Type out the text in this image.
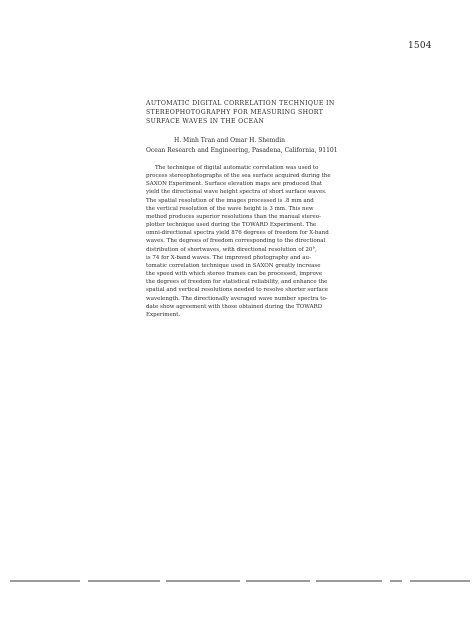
1504
AUTOMATIC DIGITAL CORRELATION TECHNIQUE IN
STEREOPHOTOGRAPHY FOR MEASURING SHORT
SURFACE WAVES IN THE OCEAN
H. Minh Tran and Omar H. Shemdin
Ocean Research and Engineering, Pasadena, California, 91101
The technique of digital automatic correlation was used to
process stereophotographs of the sea surface acquired during the
SAXON Experiment. Surface elevation maps are produced that
yield the directional wave height spectra of short surface waves.
The spatial resolution of the images processed is .8 mm and
the vertical resolution of the wave height is 3 mm. This new
method produces superior resolutions than the manual stereo-
plotter technique used during the TOWARD Experiment. The
omni-directional spectra yield 876 degrees of freedom for X-band
waves. The degrees of freedom corresponding to the directional
distribution of shortwaves, with directional resolution of 20°,
is 74 for X-band waves. The improved photography and au-
tomatic correlation technique used in SAXON greatly increase
the speed with which stereo frames can be processed, improve
the degrees of freedom for statistical reliability, and enhance the
spatial and vertical resolutions needed to resolve shorter surface
wavelength. The directionally averaged wave number spectra to-
date show agreement with those obtained during the TOWARD
Experiment.
